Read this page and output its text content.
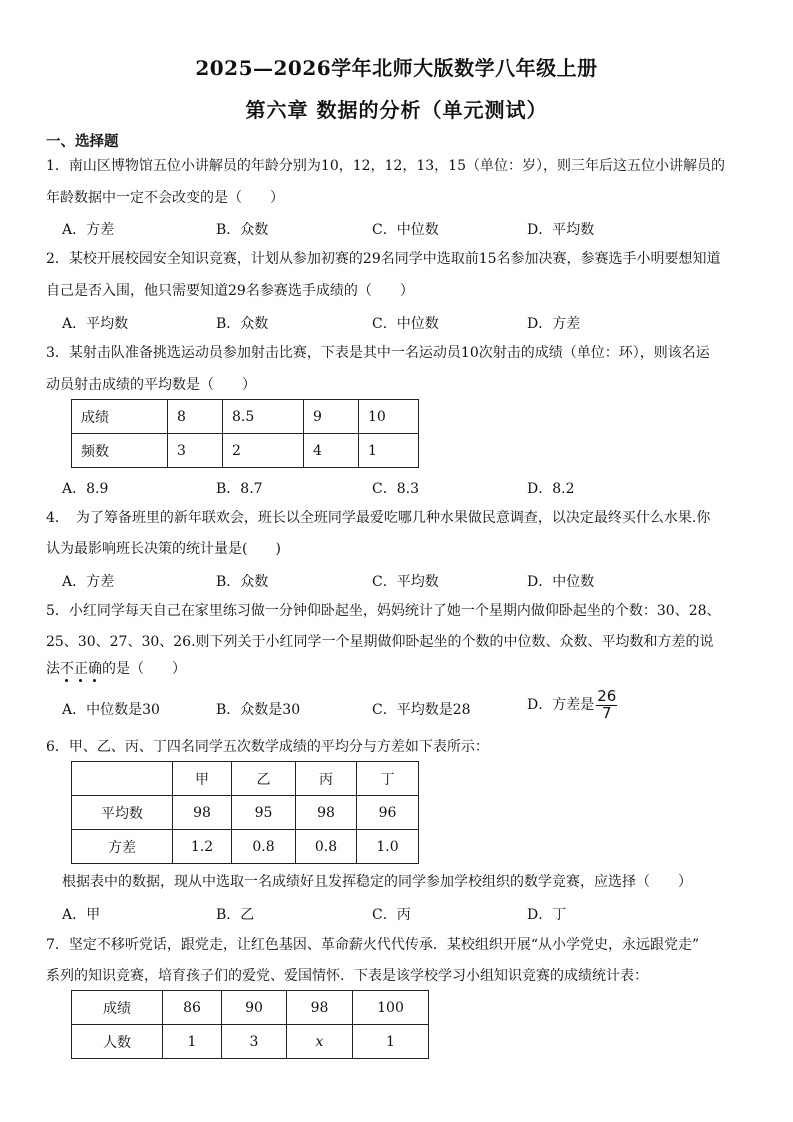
2025—2026学年北师大版数学八年级上册
第六章 数据的分析（单元测试）
一、选择题
1．南山区博物馆五位小讲解员的年龄分别为10，12，12，13，15（单位：岁），则三年后这五位小讲解员的
年龄数据中一定不会改变的是（　　）
A．方差	B．众数	C．中位数	D．平均数
2．某校开展校园安全知识竞赛，计划从参加初赛的29名同学中选取前15名参加决赛，参赛选手小明要想知道
自己是否入围，他只需要知道29名参赛选手成绩的（　　）
A．平均数	B．众数	C．中位数	D．方差
3．某射击队准备挑选运动员参加射击比赛，下表是其中一名运动员10次射击的成绩（单位：环），则该名运
动员射击成绩的平均数是（　　）
成绩	8	8.5	9	10
频数	3	2	4	1
A．8.9	B．8.7	C．8.3	D．8.2
4．　为了筹备班里的新年联欢会，班长以全班同学最爱吃哪几种水果做民意调查，以决定最终买什么水果.你
认为最影响班长决策的统计量是(　　)
A．方差	B．众数	C．平均数	D．中位数
5．小红同学每天自己在家里练习做一分钟仰卧起坐，妈妈统计了她一个星期内做仰卧起坐的个数：30、28、
25、30、27、30、26.则下列关于小红同学一个星期做仰卧起坐的个数的中位数、众数、平均数和方差的说
法不正确
的是（　　）
A．中位数是30	B．众数是30	C．平均数是28	D．方差是 $\frac{26}{7}$
6．甲、乙、丙、丁四名同学五次数学成绩的平均分与方差如下表所示：
	甲	乙	丙	丁
平均数	98	95	98	96
方差	1.2	0.8	0.8	1.0
根据表中的数据，现从中选取一名成绩好且发挥稳定的同学参加学校组织的数学竞赛，应选择（　　）
A．甲	B．乙	C．丙	D．丁
7．坚定不移听党话，跟党走，让红色基因、革命薪火代代传承．某校组织开展“从小学党史，永远跟党走”
系列的知识竞赛，培育孩子们的爱党、爱国情怀．下表是该学校学习小组知识竞赛的成绩统计表：
成绩	86	90	98	100
人数	1	3	x	1
